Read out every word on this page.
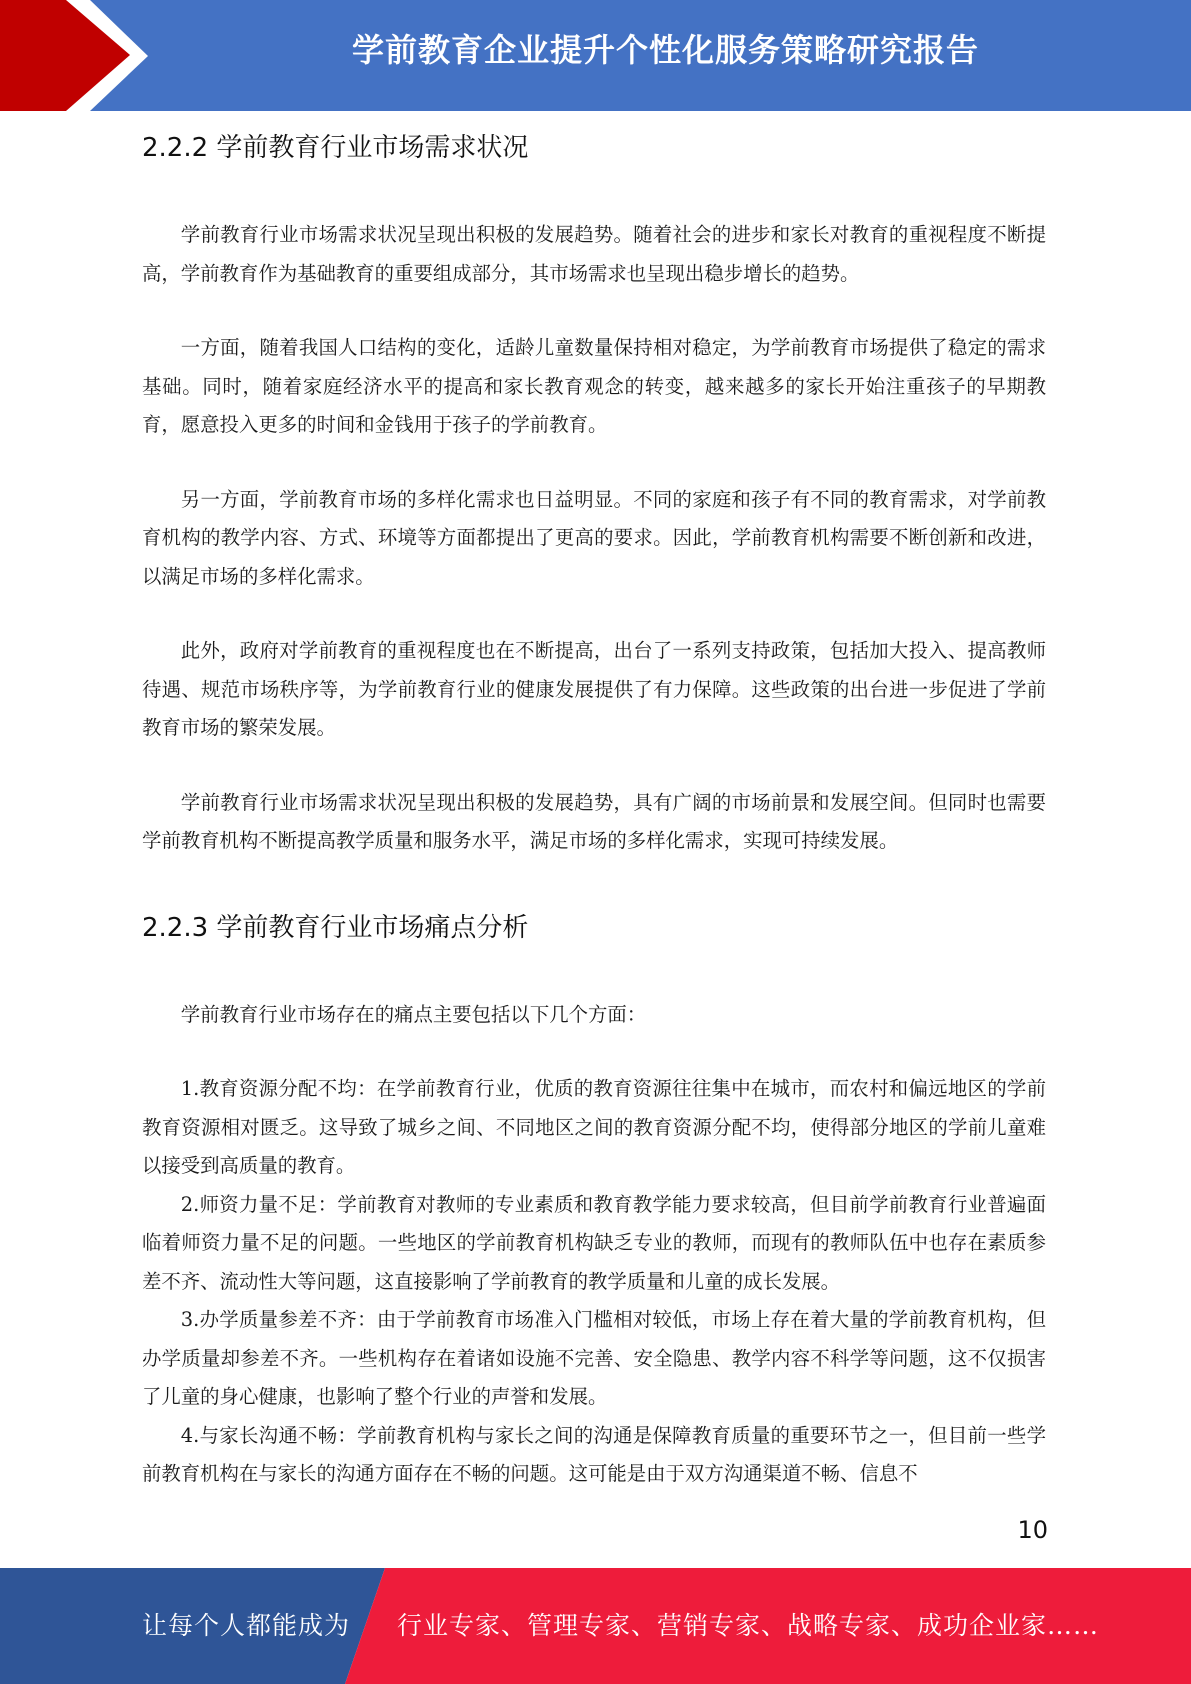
学前教育企业提升个性化服务策略研究报告
2.2.2 学前教育行业市场需求状况

学前教育行业市场需求状况呈现出积极的发展趋势。随着社会的进步和家长对教育的重视程度不断提高，学前教育作为基础教育的重要组成部分，其市场需求也呈现出稳步增长的趋势。

一方面，随着我国人口结构的变化，适龄儿童数量保持相对稳定，为学前教育市场提供了稳定的需求基础。同时，随着家庭经济水平的提高和家长教育观念的转变，越来越多的家长开始注重孩子的早期教育，愿意投入更多的时间和金钱用于孩子的学前教育。

另一方面，学前教育市场的多样化需求也日益明显。不同的家庭和孩子有不同的教育需求，对学前教育机构的教学内容、方式、环境等方面都提出了更高的要求。因此，学前教育机构需要不断创新和改进，以满足市场的多样化需求。

此外，政府对学前教育的重视程度也在不断提高，出台了一系列支持政策，包括加大投入、提高教师待遇、规范市场秩序等，为学前教育行业的健康发展提供了有力保障。这些政策的出台进一步促进了学前教育市场的繁荣发展。

学前教育行业市场需求状况呈现出积极的发展趋势，具有广阔的市场前景和发展空间。但同时也需要学前教育机构不断提高教学质量和服务水平，满足市场的多样化需求，实现可持续发展。

2.2.3 学前教育行业市场痛点分析

学前教育行业市场存在的痛点主要包括以下几个方面：

1.教育资源分配不均：在学前教育行业，优质的教育资源往往集中在城市，而农村和偏远地区的学前教育资源相对匮乏。这导致了城乡之间、不同地区之间的教育资源分配不均，使得部分地区的学前儿童难以接受到高质量的教育。

2.师资力量不足：学前教育对教师的专业素质和教育教学能力要求较高，但目前学前教育行业普遍面临着师资力量不足的问题。一些地区的学前教育机构缺乏专业的教师，而现有的教师队伍中也存在素质参差不齐、流动性大等问题，这直接影响了学前教育的教学质量和儿童的成长发展。

3.办学质量参差不齐：由于学前教育市场准入门槛相对较低，市场上存在着大量的学前教育机构，但办学质量却参差不齐。一些机构存在着诸如设施不完善、安全隐患、教学内容不科学等问题，这不仅损害了儿童的身心健康，也影响了整个行业的声誉和发展。

4.与家长沟通不畅：学前教育机构与家长之间的沟通是保障教育质量的重要环节之一，但目前一些学前教育机构在与家长的沟通方面存在不畅的问题。这可能是由于双方沟通渠道不畅、信息不

10
让每个人都能成为 行业专家、管理专家、营销专家、战略专家、成功企业家……
